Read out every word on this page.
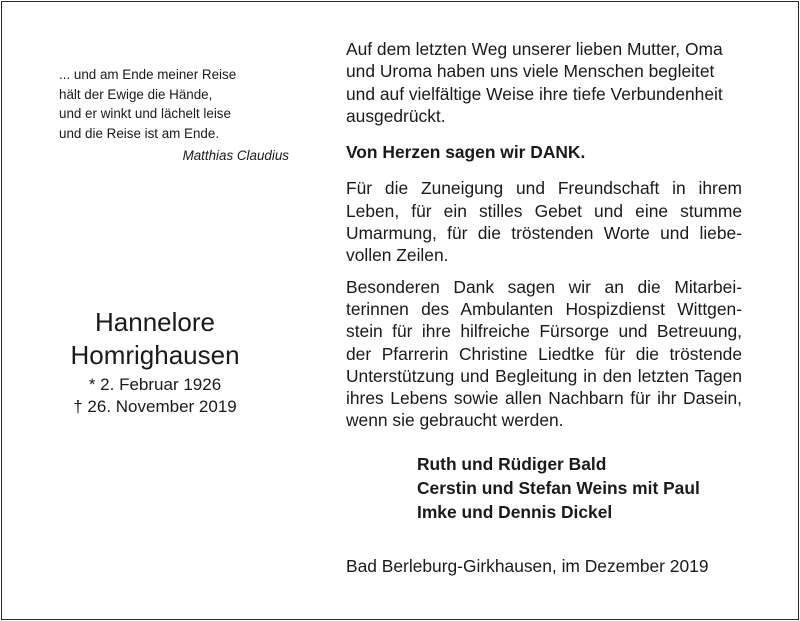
... und am Ende meiner Reise
hält der Ewige die Hände,
und er winkt und lächelt leise
und die Reise ist am Ende.
Matthias Claudius
Hannelore
Homrighausen
* 2. Februar 1926
† 26. November 2019

Auf dem letzten Weg unserer lieben Mutter, Oma und Uroma haben uns viele Menschen begleitet und auf vielfältige Weise ihre tiefe Verbundenheit ausgedrückt.

Von Herzen sagen wir DANK.

Für die Zuneigung und Freundschaft in ihrem Leben, für ein stilles Gebet und eine stumme Umarmung, für die tröstenden Worte und liebevollen Zeilen.

Besonderen Dank sagen wir an die Mitarbeiterinnen des Ambulanten Hospizdienst Wittgenstein für ihre hilfreiche Fürsorge und Betreuung, der Pfarrerin Christine Liedtke für die tröstende Unterstützung und Begleitung in den letzten Tagen ihres Lebens sowie allen Nachbarn für ihr Dasein, wenn sie gebraucht werden.

Ruth und Rüdiger Bald
Cerstin und Stefan Weins mit Paul
Imke und Dennis Dickel
Bad Berleburg-Girkhausen, im Dezember 2019
